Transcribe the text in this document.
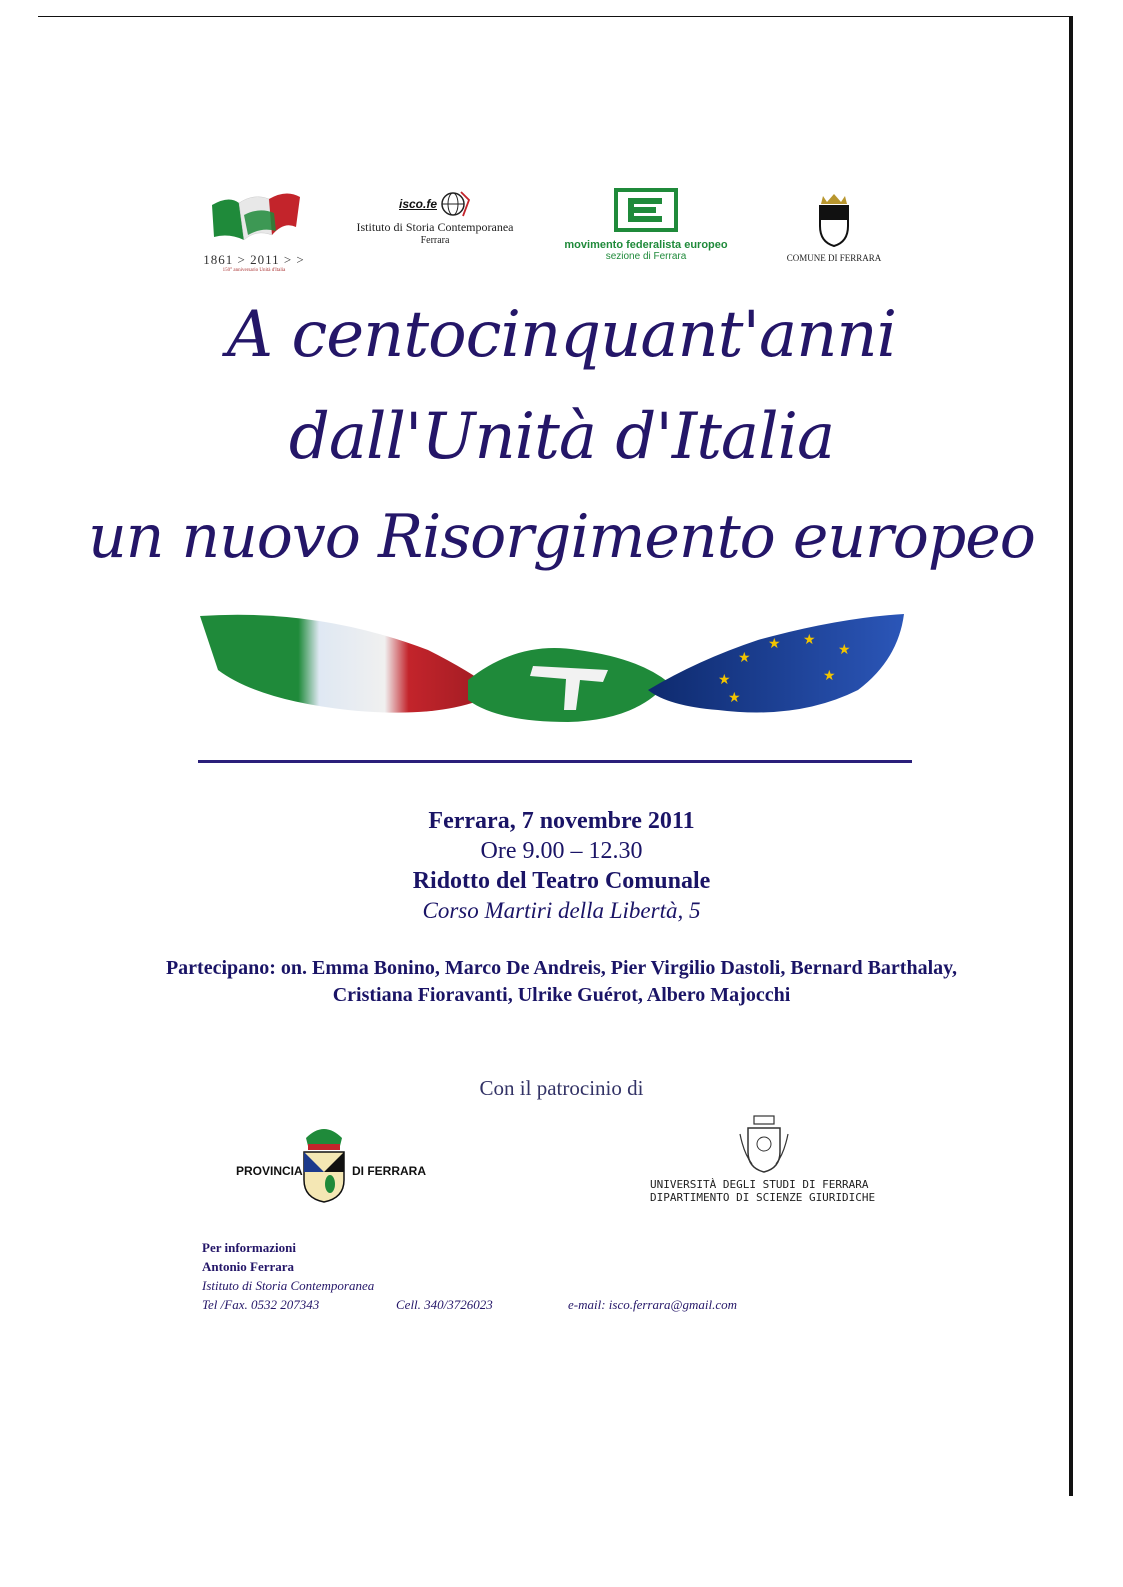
1861 > 2011 > >
150° anniversario Unità d'Italia
isco.fe
Istituto di Storia Contemporanea
Ferrara	movimento federalista europeo
sezione di Ferrara	COMUNE DI FERRARA
A centocinquant'anni
dall'Unità d'Italia
un nuovo Risorgimento europeo
★
★ ★
★
★
★
★
Ferrara, 7 novembre 2011
Ore 9.00 – 12.30
Ridotto del Teatro Comunale
Corso Martiri della Libertà, 5
Partecipano: on. Emma Bonino, Marco De Andreis, Pier Virgilio Dastoli, Bernard Barthalay,
Cristiana Fioravanti, Ulrike Guérot, Albero Majocchi
Con il patrocinio di
PROVINCIA	DI FERRARA
UNIVERSITÀ DEGLI STUDI DI FERRARA
DIPARTIMENTO DI SCIENZE GIURIDICHE
Per informazioni
Antonio Ferrara
Istituto di Storia Contemporanea
Tel /Fax. 0532 207343	Cell. 340/3726023	e-mail: isco.ferrara@gmail.com
